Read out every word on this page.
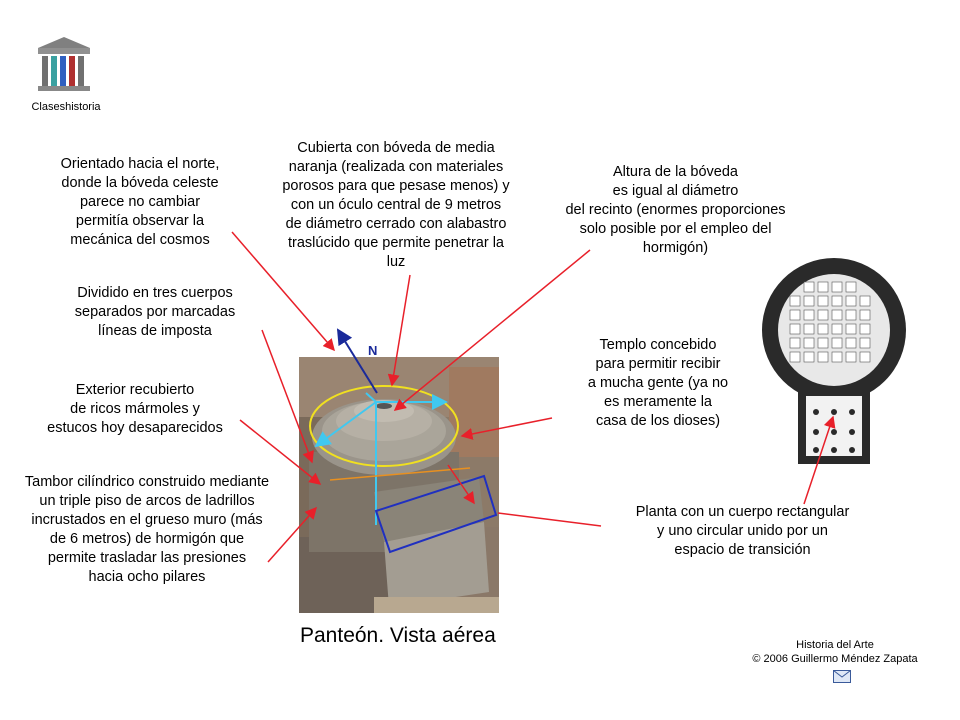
Claseshistoria
N
Orientado hacia el norte,
donde la bóveda celeste
parece no cambiar
permitía observar la
mecánica del cosmos
Cubierta con bóveda de media
naranja (realizada con materiales
porosos para que pesase menos) y
con un óculo central de 9 metros
de diámetro cerrado con alabastro
traslúcido que permite penetrar la
luz
Altura de la bóveda
es igual al diámetro
del recinto (enormes proporciones
solo posible por el empleo del
hormigón)
Dividido en tres cuerpos
separados por marcadas
líneas de imposta
Templo concebido
para permitir recibir
a mucha gente (ya no
es meramente la
casa de los dioses)
Exterior recubierto
de ricos mármoles y
estucos hoy desaparecidos
Tambor cilíndrico construido mediante
un triple piso de arcos de ladrillos
incrustados en el grueso muro (más
de 6 metros) de hormigón que
permite trasladar las presiones
hacia ocho pilares
Planta con un cuerpo rectangular
y uno circular unido por un
espacio de transición
Panteón. Vista aérea	Historia del Arte
© 2006 Guillermo Méndez Zapata
